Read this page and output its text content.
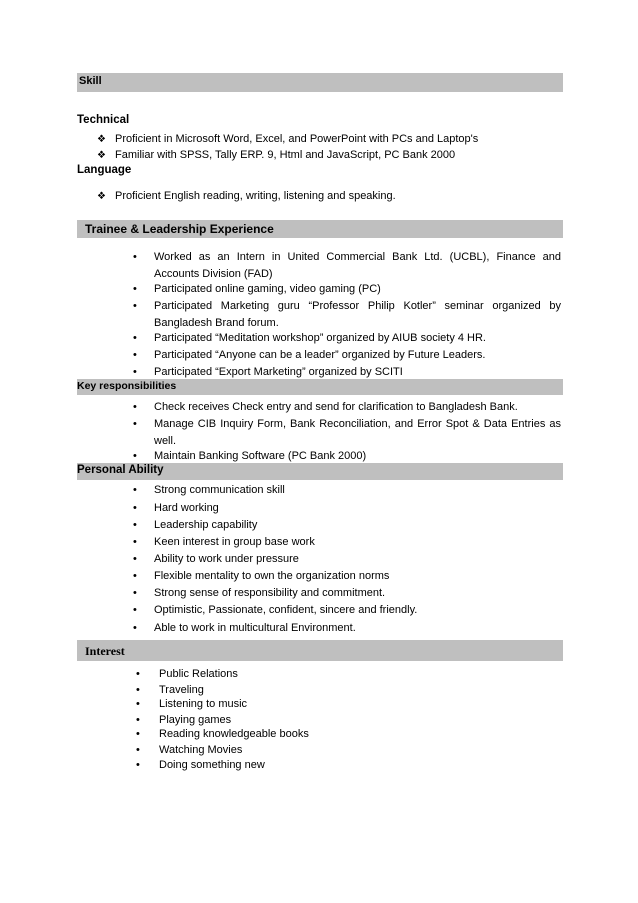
Skill
Technical
❖ Proficient in Microsoft Word, Excel, and PowerPoint with PCs and Laptop's
❖ Familiar with SPSS, Tally ERP. 9, Html and JavaScript, PC Bank 2000
Language
❖ Proficient English reading, writing, listening and speaking.
Trainee & Leadership Experience
• Worked as an Intern in United Commercial Bank Ltd. (UCBL), Finance and Accounts Division (FAD)
• Participated online gaming, video gaming (PC)
• Participated Marketing guru “Professor Philip Kotler” seminar organized by Bangladesh Brand forum.
• Participated “Meditation workshop” organized by AIUB society 4 HR.
• Participated “Anyone can be a leader” organized by Future Leaders.
• Participated “Export Marketing” organized by SCITI
Key responsibilities
• Check receives Check entry and send for clarification to Bangladesh Bank.
• Manage CIB Inquiry Form, Bank Reconciliation, and Error Spot & Data Entries as well.
• Maintain Banking Software (PC Bank 2000)
Personal Ability
• Strong communication skill
• Hard working
• Leadership capability
• Keen interest in group base work
• Ability to work under pressure
• Flexible mentality to own the organization norms
• Strong sense of responsibility and commitment.
• Optimistic, Passionate, confident, sincere and friendly.
• Able to work in multicultural Environment.
Interest
• Public Relations
• Traveling
• Listening to music
• Playing games
• Reading knowledgeable books
• Watching Movies
• Doing something new
